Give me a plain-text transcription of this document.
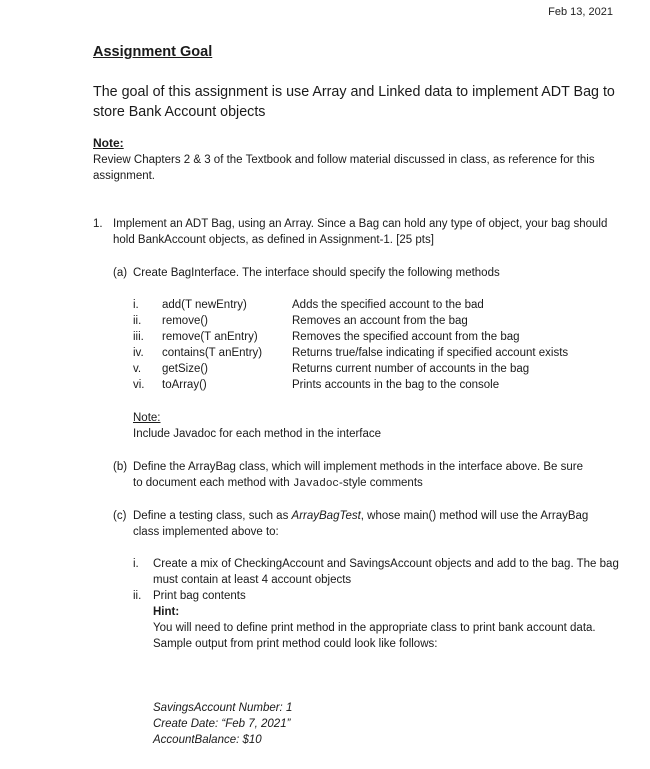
Feb 13, 2021
Assignment Goal
The goal of this assignment is use Array and Linked data to implement ADT Bag to store Bank Account objects
Note:
Review Chapters 2 & 3 of the Textbook and follow material discussed in class, as reference for this assignment.
1. Implement an ADT Bag, using an Array. Since a Bag can hold any type of object, your bag should hold BankAccount objects, as defined in Assignment-1. [25 pts]
(a) Create BagInterface. The interface should specify the following methods
i.	add(T newEntry)	Adds the specified account to the bad
ii.	remove()	Removes an account from the bag
iii.	remove(T anEntry)	Removes the specified account from the bag
iv.	contains(T anEntry)	Returns true/false indicating if specified account exists
v.	getSize()	Returns current number of accounts in the bag
vi.	toArray()	Prints accounts in the bag to the console
Note:
Include Javadoc for each method in the interface
(b) Define the ArrayBag class, which will implement methods in the interface above. Be sure
to document each method with Javadoc-style comments
(c) Define a testing class, such as ArrayBagTest, whose main() method will use the ArrayBag
class implemented above to:
i. Create a mix of CheckingAccount and SavingsAccount objects and add to the bag. The bag must contain at least 4 account objects
ii. Print bag contents
Hint:
You will need to define print method in the appropriate class to print bank account data. Sample output from print method could look like follows:
SavingsAccount Number: 1
Create Date: “Feb 7, 2021”
AccountBalance: $10
